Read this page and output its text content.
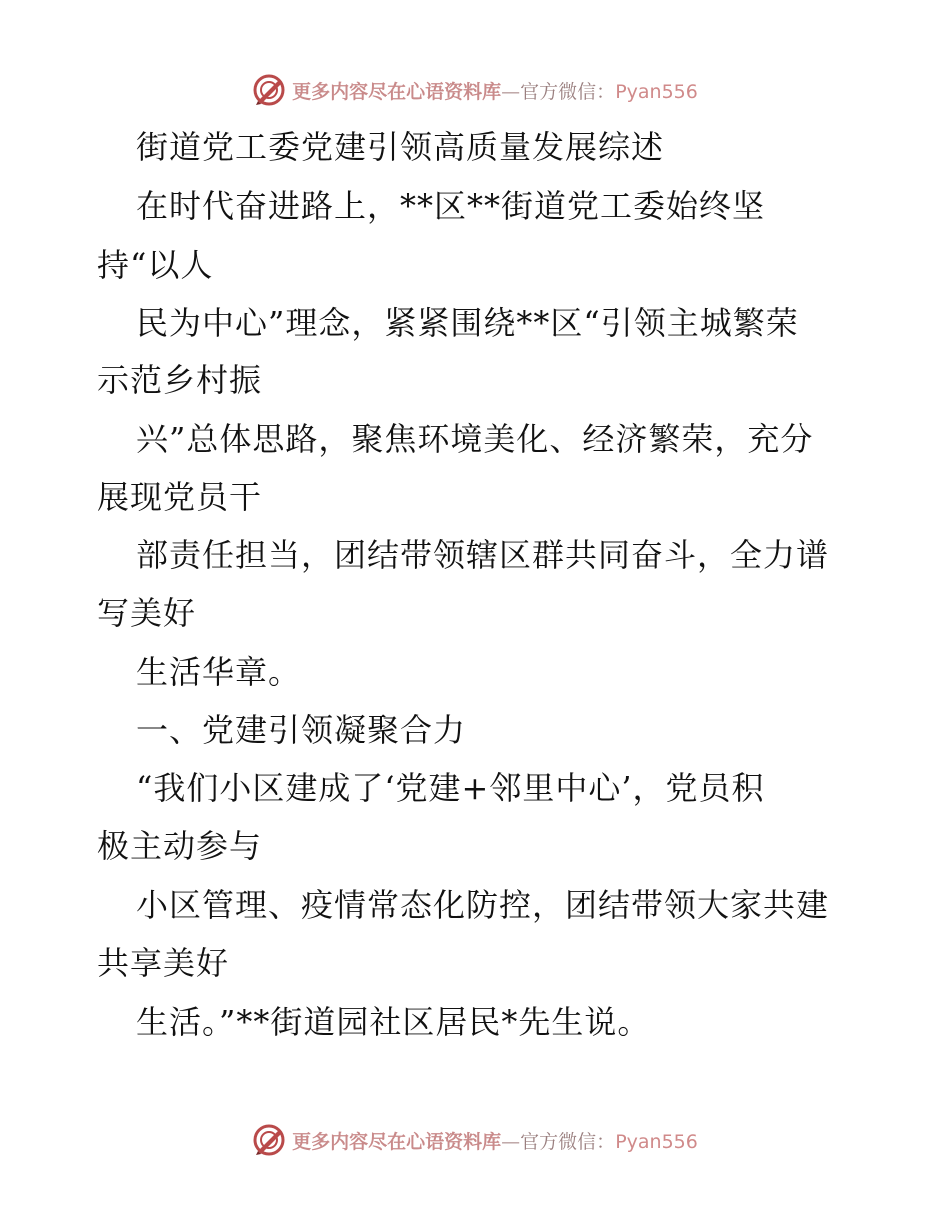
更多内容尽在心语资料库—官方微信：Pyan556
街道党工委党建引领高质量发展综述
在时代奋进路上，**区**街道党工委始终坚
持“以人
民为中心”理念，紧紧围绕**区“引领主城繁荣
示范乡村振
兴”总体思路，聚焦环境美化、经济繁荣，充分
展现党员干
部责任担当，团结带领辖区群共同奋斗，全力谱
写美好
生活华章。
一、党建引领凝聚合力
“我们小区建成了‘党建+邻里中心’，党员积
极主动参与
小区管理、疫情常态化防控，团结带领大家共建
共享美好
生活。”**街道园社区居民*先生说。
更多内容尽在心语资料库—官方微信：Pyan556
